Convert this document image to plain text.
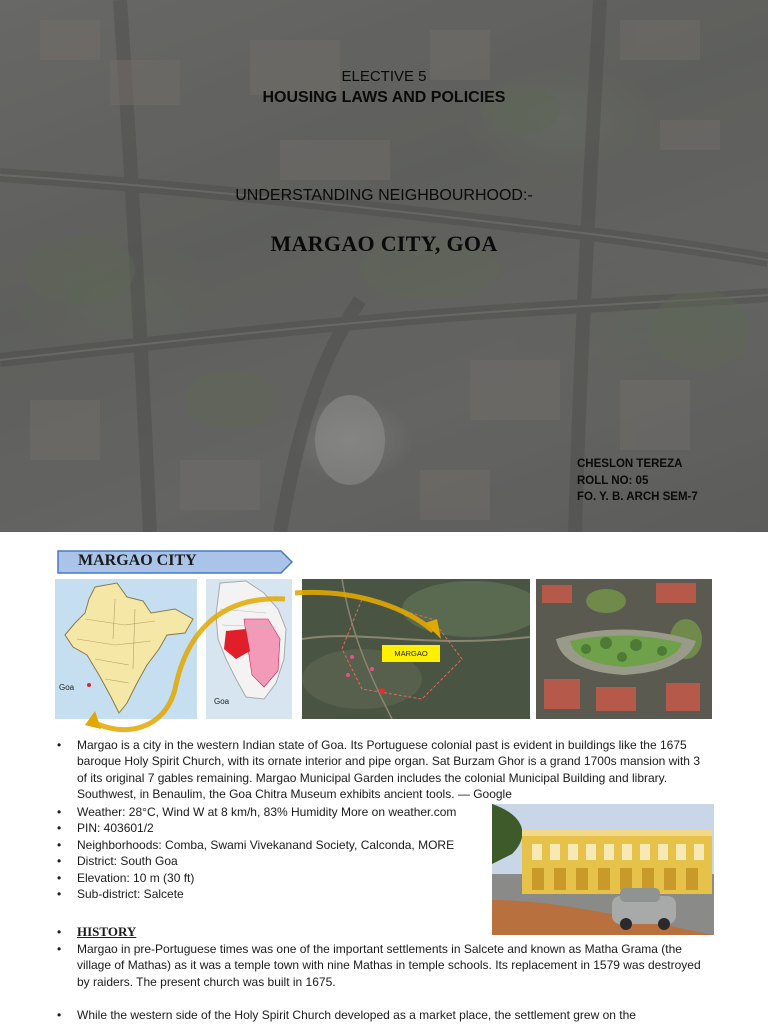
ELECTIVE 5
HOUSING LAWS AND POLICIES
UNDERSTANDING NEIGHBOURHOOD:-
MARGAO CITY, GOA
CHESLON TEREZA
ROLL NO: 05
FO. Y. B. ARCH SEM-7
MARGAO CITY
Goa
Goa
MARGAO
• Margao is a city in the western Indian state of Goa. Its Portuguese colonial past is evident in buildings like the 1675 baroque Holy Spirit Church, with its ornate interior and pipe organ. Sat Burzam Ghor is a grand 1700s mansion with 3 of its original 7 gables remaining. Margao Municipal Garden includes the colonial Municipal Building and library. Southwest, in Benaulim, the Goa Chitra Museum exhibits ancient tools. — Google
• Weather: 28°C, Wind W at 8 km/h, 83% Humidity More on weather.com
• PIN: 403601/2
• Neighborhoods: Comba, Swami Vivekanand Society, Calconda, MORE
• District: South Goa
• Elevation: 10 m (30 ft)
• Sub-district: Salcete
•
• Margao in pre-Portuguese times was one of the important settlements in Salcete and known as Matha Grama (the village of Mathas) as it was a temple town with nine Mathas in temple schools. Its replacement in 1579 was destroyed by raiders. The present church was built in 1675.
• While the western side of the Holy Spirit Church developed as a market place, the settlement grew on the
HISTORY
